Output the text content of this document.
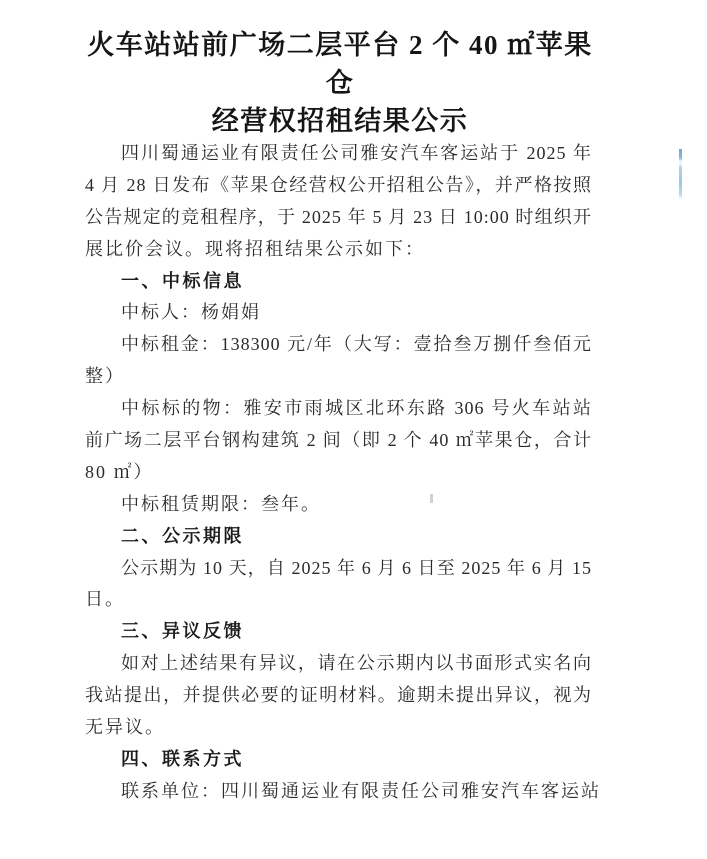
火车站站前广场二层平台 2 个 40 ㎡苹果仓
经营权招租结果公示
四川蜀通运业有限责任公司雅安汽车客运站于 2025 年
4 月 28 日发布《苹果仓经营权公开招租公告》，并严格按照
公告规定的竞租程序，于 2025 年 5 月 23 日 10:00 时组织开
展比价会议。现将招租结果公示如下：
一、中标信息
中标人：杨娟娟
中标租金：138300 元/年（大写：壹拾叁万捌仟叁佰元
整）
中标标的物：雅安市雨城区北环东路 306 号火车站站
前广场二层平台钢构建筑 2 间（即 2 个 40 ㎡苹果仓，合计
80 ㎡）
中标租赁期限：叁年。
二、公示期限
公示期为 10 天，自 2025 年 6 月 6 日至 2025 年 6 月 15
日。
三、异议反馈
如对上述结果有异议，请在公示期内以书面形式实名向
我站提出，并提供必要的证明材料。逾期未提出异议，视为
无异议。
四、联系方式
联系单位：四川蜀通运业有限责任公司雅安汽车客运站
